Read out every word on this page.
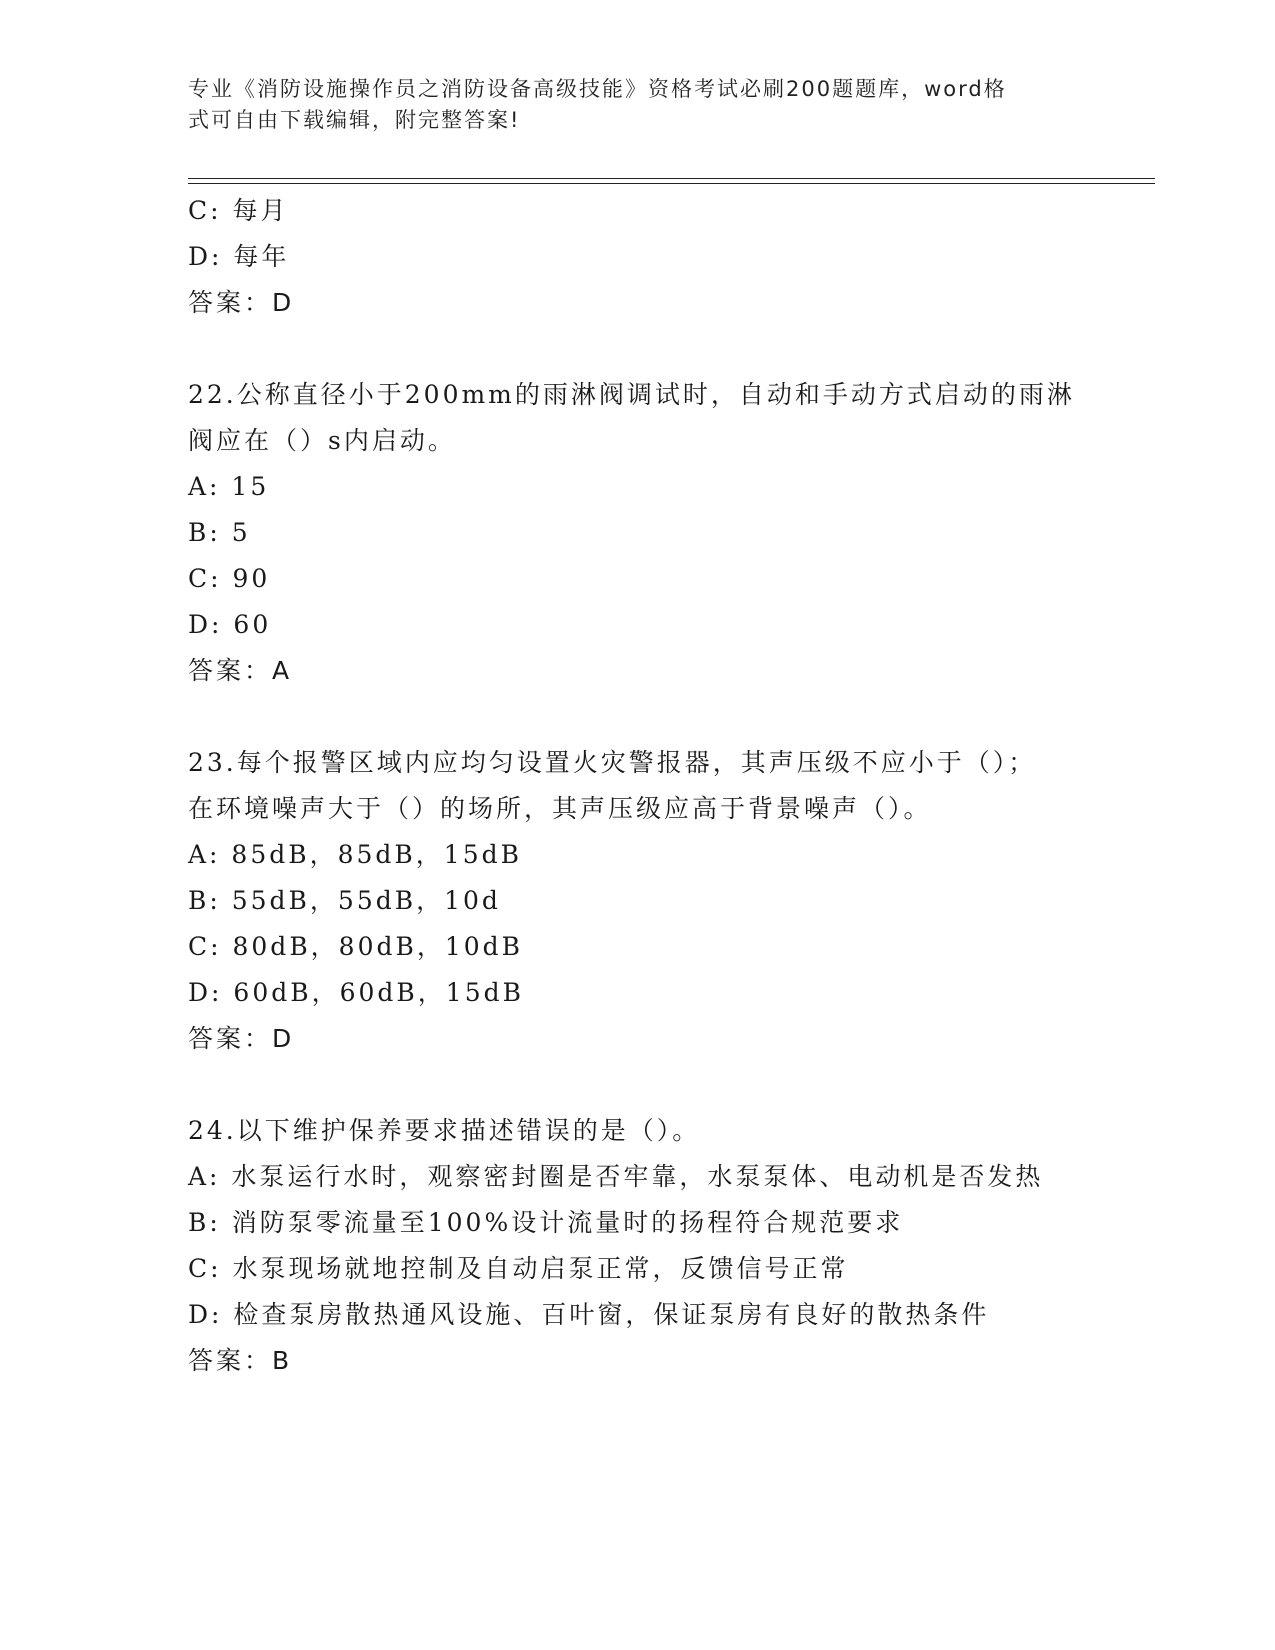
专业《消防设施操作员之消防设备高级技能》资格考试必刷200题题库，word格
式可自由下载编辑，附完整答案!
C: 每月
D: 每年
答案：D
22.公称直径小于200mm的雨淋阀调试时，自动和手动方式启动的雨淋
阀应在（）s内启动。
A: 15
B: 5
C: 90
D: 60
答案：A
23.每个报警区域内应均匀设置火灾警报器，其声压级不应小于（）；
在环境噪声大于（）的场所，其声压级应高于背景噪声（）。
A: 85dB，85dB，15dB
B: 55dB，55dB，10d
C: 80dB，80dB，10dB
D: 60dB，60dB，15dB
答案：D
24.以下维护保养要求描述错误的是（）。
A: 水泵运行水时，观察密封圈是否牢靠，水泵泵体、电动机是否发热
B: 消防泵零流量至100%设计流量时的扬程符合规范要求
C: 水泵现场就地控制及自动启泵正常，反馈信号正常
D: 检查泵房散热通风设施、百叶窗，保证泵房有良好的散热条件
答案：B
